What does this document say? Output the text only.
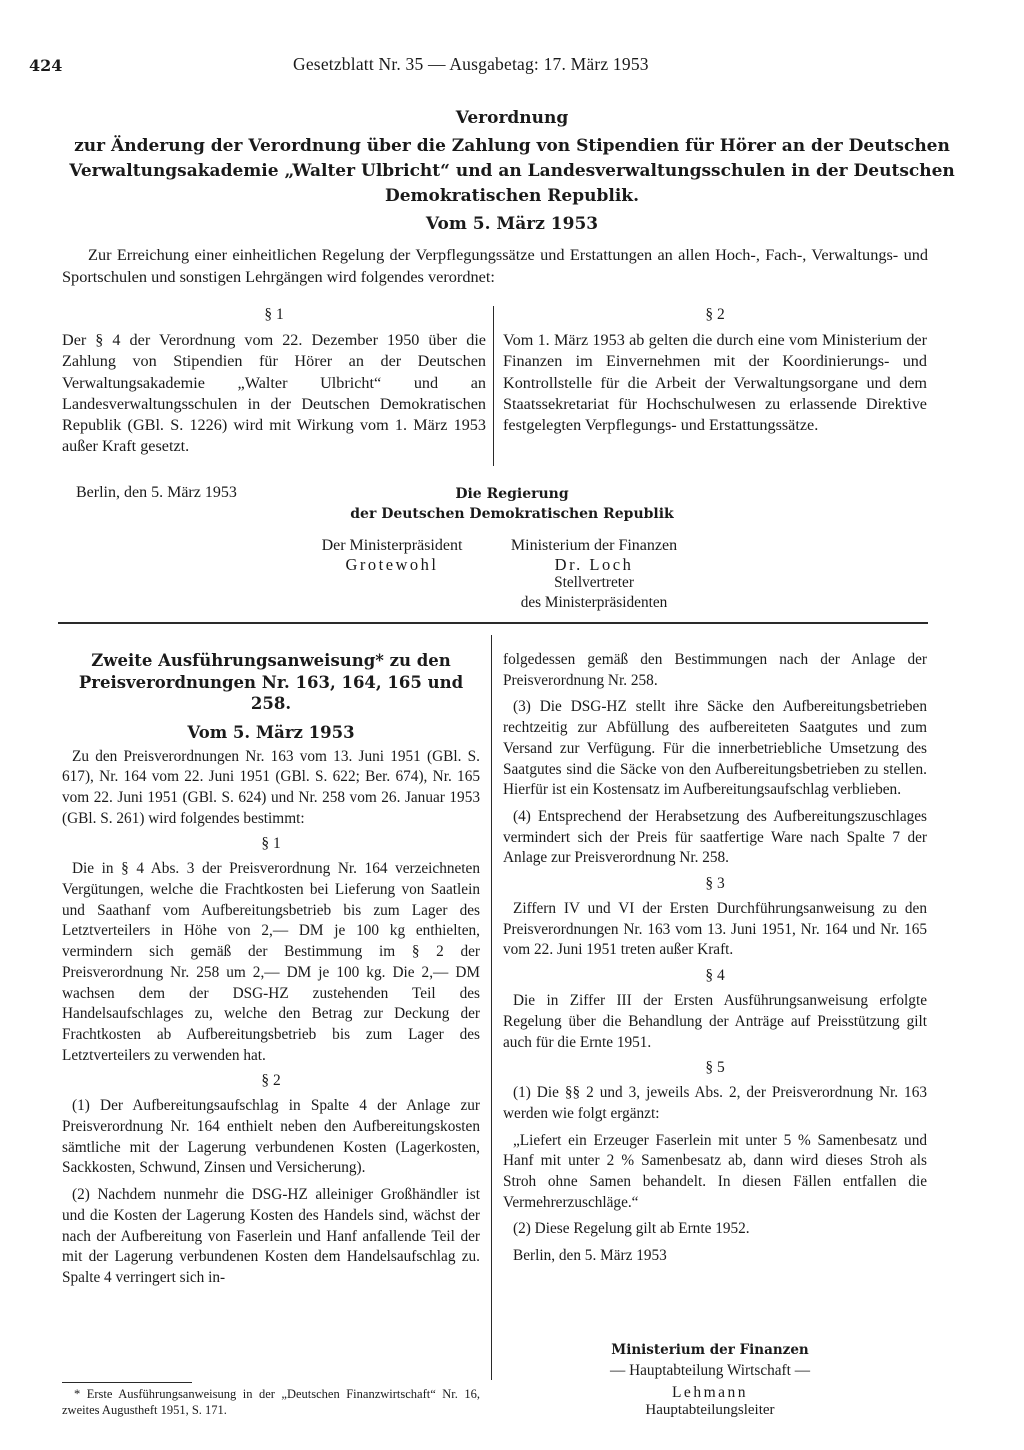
424	Gesetzblatt Nr. 35 — Ausgabetag: 17. März 1953
Verordnung
zur Änderung der Verordnung über die Zahlung von Stipendien für Hörer an der Deutschen Verwaltungsakademie „Walter Ulbricht“ und an Landesverwaltungsschulen in der Deutschen Demokratischen Republik.
Vom 5. März 1953
Zur Erreichung einer einheitlichen Regelung der Verpflegungssätze und Erstattungen an allen Hoch-, Fach-, Verwaltungs- und Sportschulen und sonstigen Lehrgängen wird folgendes verordnet:
§ 1
Der § 4 der Verordnung vom 22. Dezember 1950 über die Zahlung von Stipendien für Hörer an der Deutschen Verwaltungsakademie „Walter Ulbricht“ und an Landesverwaltungsschulen in der Deutschen Demokratischen Republik (GBl. S. 1226) wird mit Wirkung vom 1. März 1953 außer Kraft gesetzt.
§ 2
Vom 1. März 1953 ab gelten die durch eine vom Ministerium der Finanzen im Einvernehmen mit der Koordinierungs- und Kontrollstelle für die Arbeit der Verwaltungsorgane und dem Staatssekretariat für Hochschulwesen zu erlassende Direktive festgelegten Verpflegungs- und Erstattungssätze.
Berlin, den 5. März 1953	Die Regierung
der Deutschen Demokratischen Republik
Der Ministerpräsident
Grotewohl
Ministerium der Finanzen
Dr. Loch
Stellvertreter
des Ministerpräsidenten
Zweite Ausführungsanweisung* zu den Preisverordnungen Nr. 163, 164, 165 und 258.
Vom 5. März 1953
Zu den Preisverordnungen Nr. 163 vom 13. Juni 1951 (GBl. S. 617), Nr. 164 vom 22. Juni 1951 (GBl. S. 622; Ber. 674), Nr. 165 vom 22. Juni 1951 (GBl. S. 624) und Nr. 258 vom 26. Januar 1953 (GBl. S. 261) wird folgendes bestimmt:
§ 1
Die in § 4 Abs. 3 der Preisverordnung Nr. 164 verzeichneten Vergütungen, welche die Frachtkosten bei Lieferung von Saatlein und Saathanf vom Aufbereitungsbetrieb bis zum Lager des Letztverteilers in Höhe von 2,— DM je 100 kg enthielten, vermindern sich gemäß der Bestimmung im § 2 der Preisverordnung Nr. 258 um 2,— DM je 100 kg. Die 2,— DM wachsen dem der DSG-HZ zustehenden Teil des Handelsaufschlages zu, welche den Betrag zur Deckung der Frachtkosten ab Aufbereitungsbetrieb bis zum Lager des Letztverteilers zu verwenden hat.
§ 2
(1) Der Aufbereitungsaufschlag in Spalte 4 der Anlage zur Preisverordnung Nr. 164 enthielt neben den Aufbereitungskosten sämtliche mit der Lagerung verbundenen Kosten (Lagerkosten, Sackkosten, Schwund, Zinsen und Versicherung).
(2) Nachdem nunmehr die DSG-HZ alleiniger Großhändler ist und die Kosten der Lagerung Kosten des Handels sind, wächst der nach der Aufbereitung von Faserlein und Hanf anfallende Teil der mit der Lagerung verbundenen Kosten dem Handelsaufschlag zu. Spalte 4 verringert sich in-
* Erste Ausführungsanweisung in der „Deutschen Finanzwirtschaft“ Nr. 16, zweites Augustheft 1951, S. 171.
folgedessen gemäß den Bestimmungen nach der Anlage der Preisverordnung Nr. 258.
(3) Die DSG-HZ stellt ihre Säcke den Aufbereitungsbetrieben rechtzeitig zur Abfüllung des aufbereiteten Saatgutes und zum Versand zur Verfügung. Für die innerbetriebliche Umsetzung des Saatgutes sind die Säcke von den Aufbereitungsbetrieben zu stellen. Hierfür ist ein Kostensatz im Aufbereitungsaufschlag verblieben.
(4) Entsprechend der Herabsetzung des Aufbereitungszuschlages vermindert sich der Preis für saatfertige Ware nach Spalte 7 der Anlage zur Preisverordnung Nr. 258.
§ 3
Ziffern IV und VI der Ersten Durchführungsanweisung zu den Preisverordnungen Nr. 163 vom 13. Juni 1951, Nr. 164 und Nr. 165 vom 22. Juni 1951 treten außer Kraft.
§ 4
Die in Ziffer III der Ersten Ausführungsanweisung erfolgte Regelung über die Behandlung der Anträge auf Preisstützung gilt auch für die Ernte 1951.
§ 5
(1) Die §§ 2 und 3, jeweils Abs. 2, der Preisverordnung Nr. 163 werden wie folgt ergänzt:
„Liefert ein Erzeuger Faserlein mit unter 5 % Samenbesatz und Hanf mit unter 2 % Samenbesatz ab, dann wird dieses Stroh als Stroh ohne Samen behandelt. In diesen Fällen entfallen die Vermehrerzuschläge.“
(2) Diese Regelung gilt ab Ernte 1952.
Berlin, den 5. März 1953
Ministerium der Finanzen
— Hauptabteilung Wirtschaft —
Lehmann
Hauptabteilungsleiter
